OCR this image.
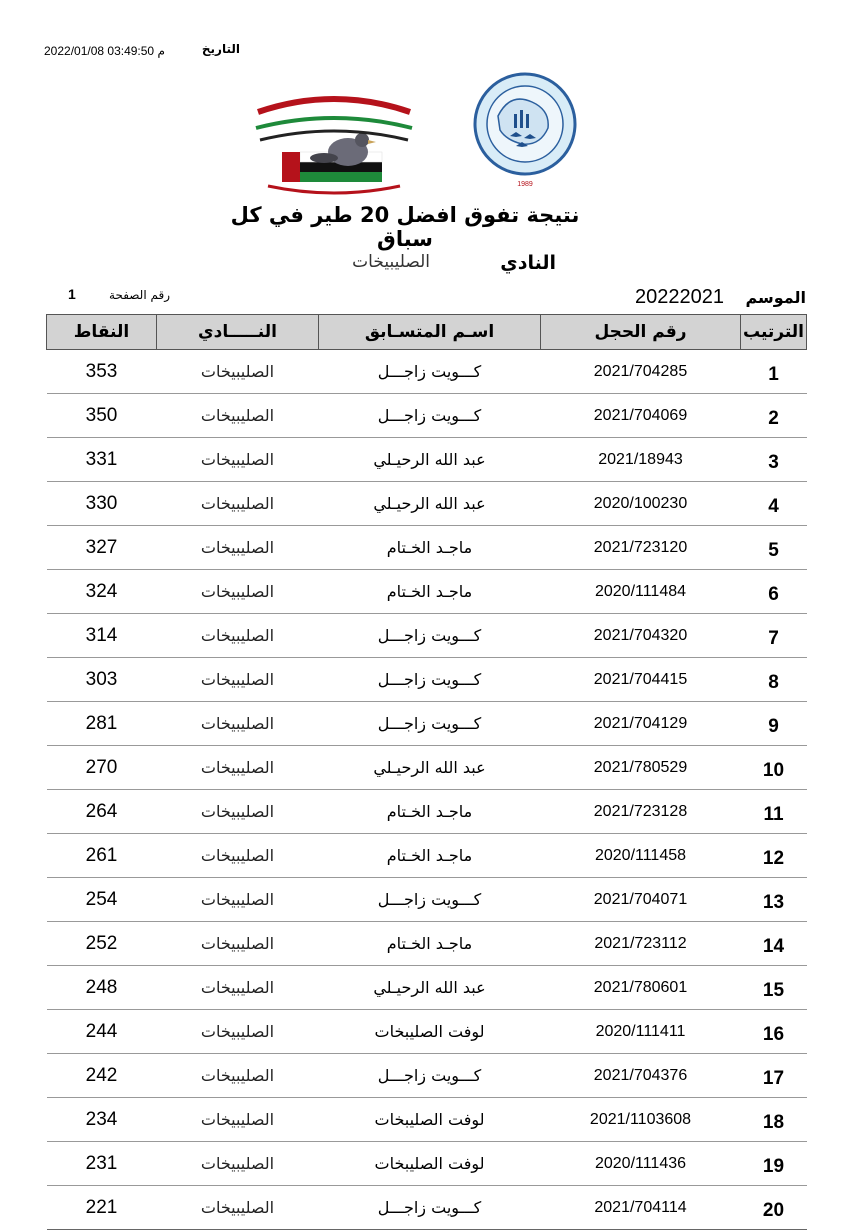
2022/01/08 03:49:50 م	التاريخ
1989
نتيجة تفوق افضل 20 طير في كل سباق
النادي
الصليبيخات
الموسم
20222021
رقم الصفحة
1
الترتيب	رقم الحجل	اسـم المتسـابق	النـــــادي	النقاط
1	2021/704285	كـــويت زاجـــل	الصليبيخات	353
2	2021/704069	كـــويت زاجـــل	الصليبيخات	350
3	2021/18943	عبد الله الرحيـلي	الصليبيخات	331
4	2020/100230	عبد الله الرحيـلي	الصليبيخات	330
5	2021/723120	ماجـد الخـتام	الصليبيخات	327
6	2020/111484	ماجـد الخـتام	الصليبيخات	324
7	2021/704320	كـــويت زاجـــل	الصليبيخات	314
8	2021/704415	كـــويت زاجـــل	الصليبيخات	303
9	2021/704129	كـــويت زاجـــل	الصليبيخات	281
10	2021/780529	عبد الله الرحيـلي	الصليبيخات	270
11	2021/723128	ماجـد الخـتام	الصليبيخات	264
12	2020/111458	ماجـد الخـتام	الصليبيخات	261
13	2021/704071	كـــويت زاجـــل	الصليبيخات	254
14	2021/723112	ماجـد الخـتام	الصليبيخات	252
15	2021/780601	عبد الله الرحيـلي	الصليبيخات	248
16	2020/111411	لوفت الصليبخات	الصليبيخات	244
17	2021/704376	كـــويت زاجـــل	الصليبيخات	242
18	2021/1103608	لوفت الصليبخات	الصليبيخات	234
19	2020/111436	لوفت الصليبخات	الصليبيخات	231
20	2021/704114	كـــويت زاجـــل	الصليبيخات	221
